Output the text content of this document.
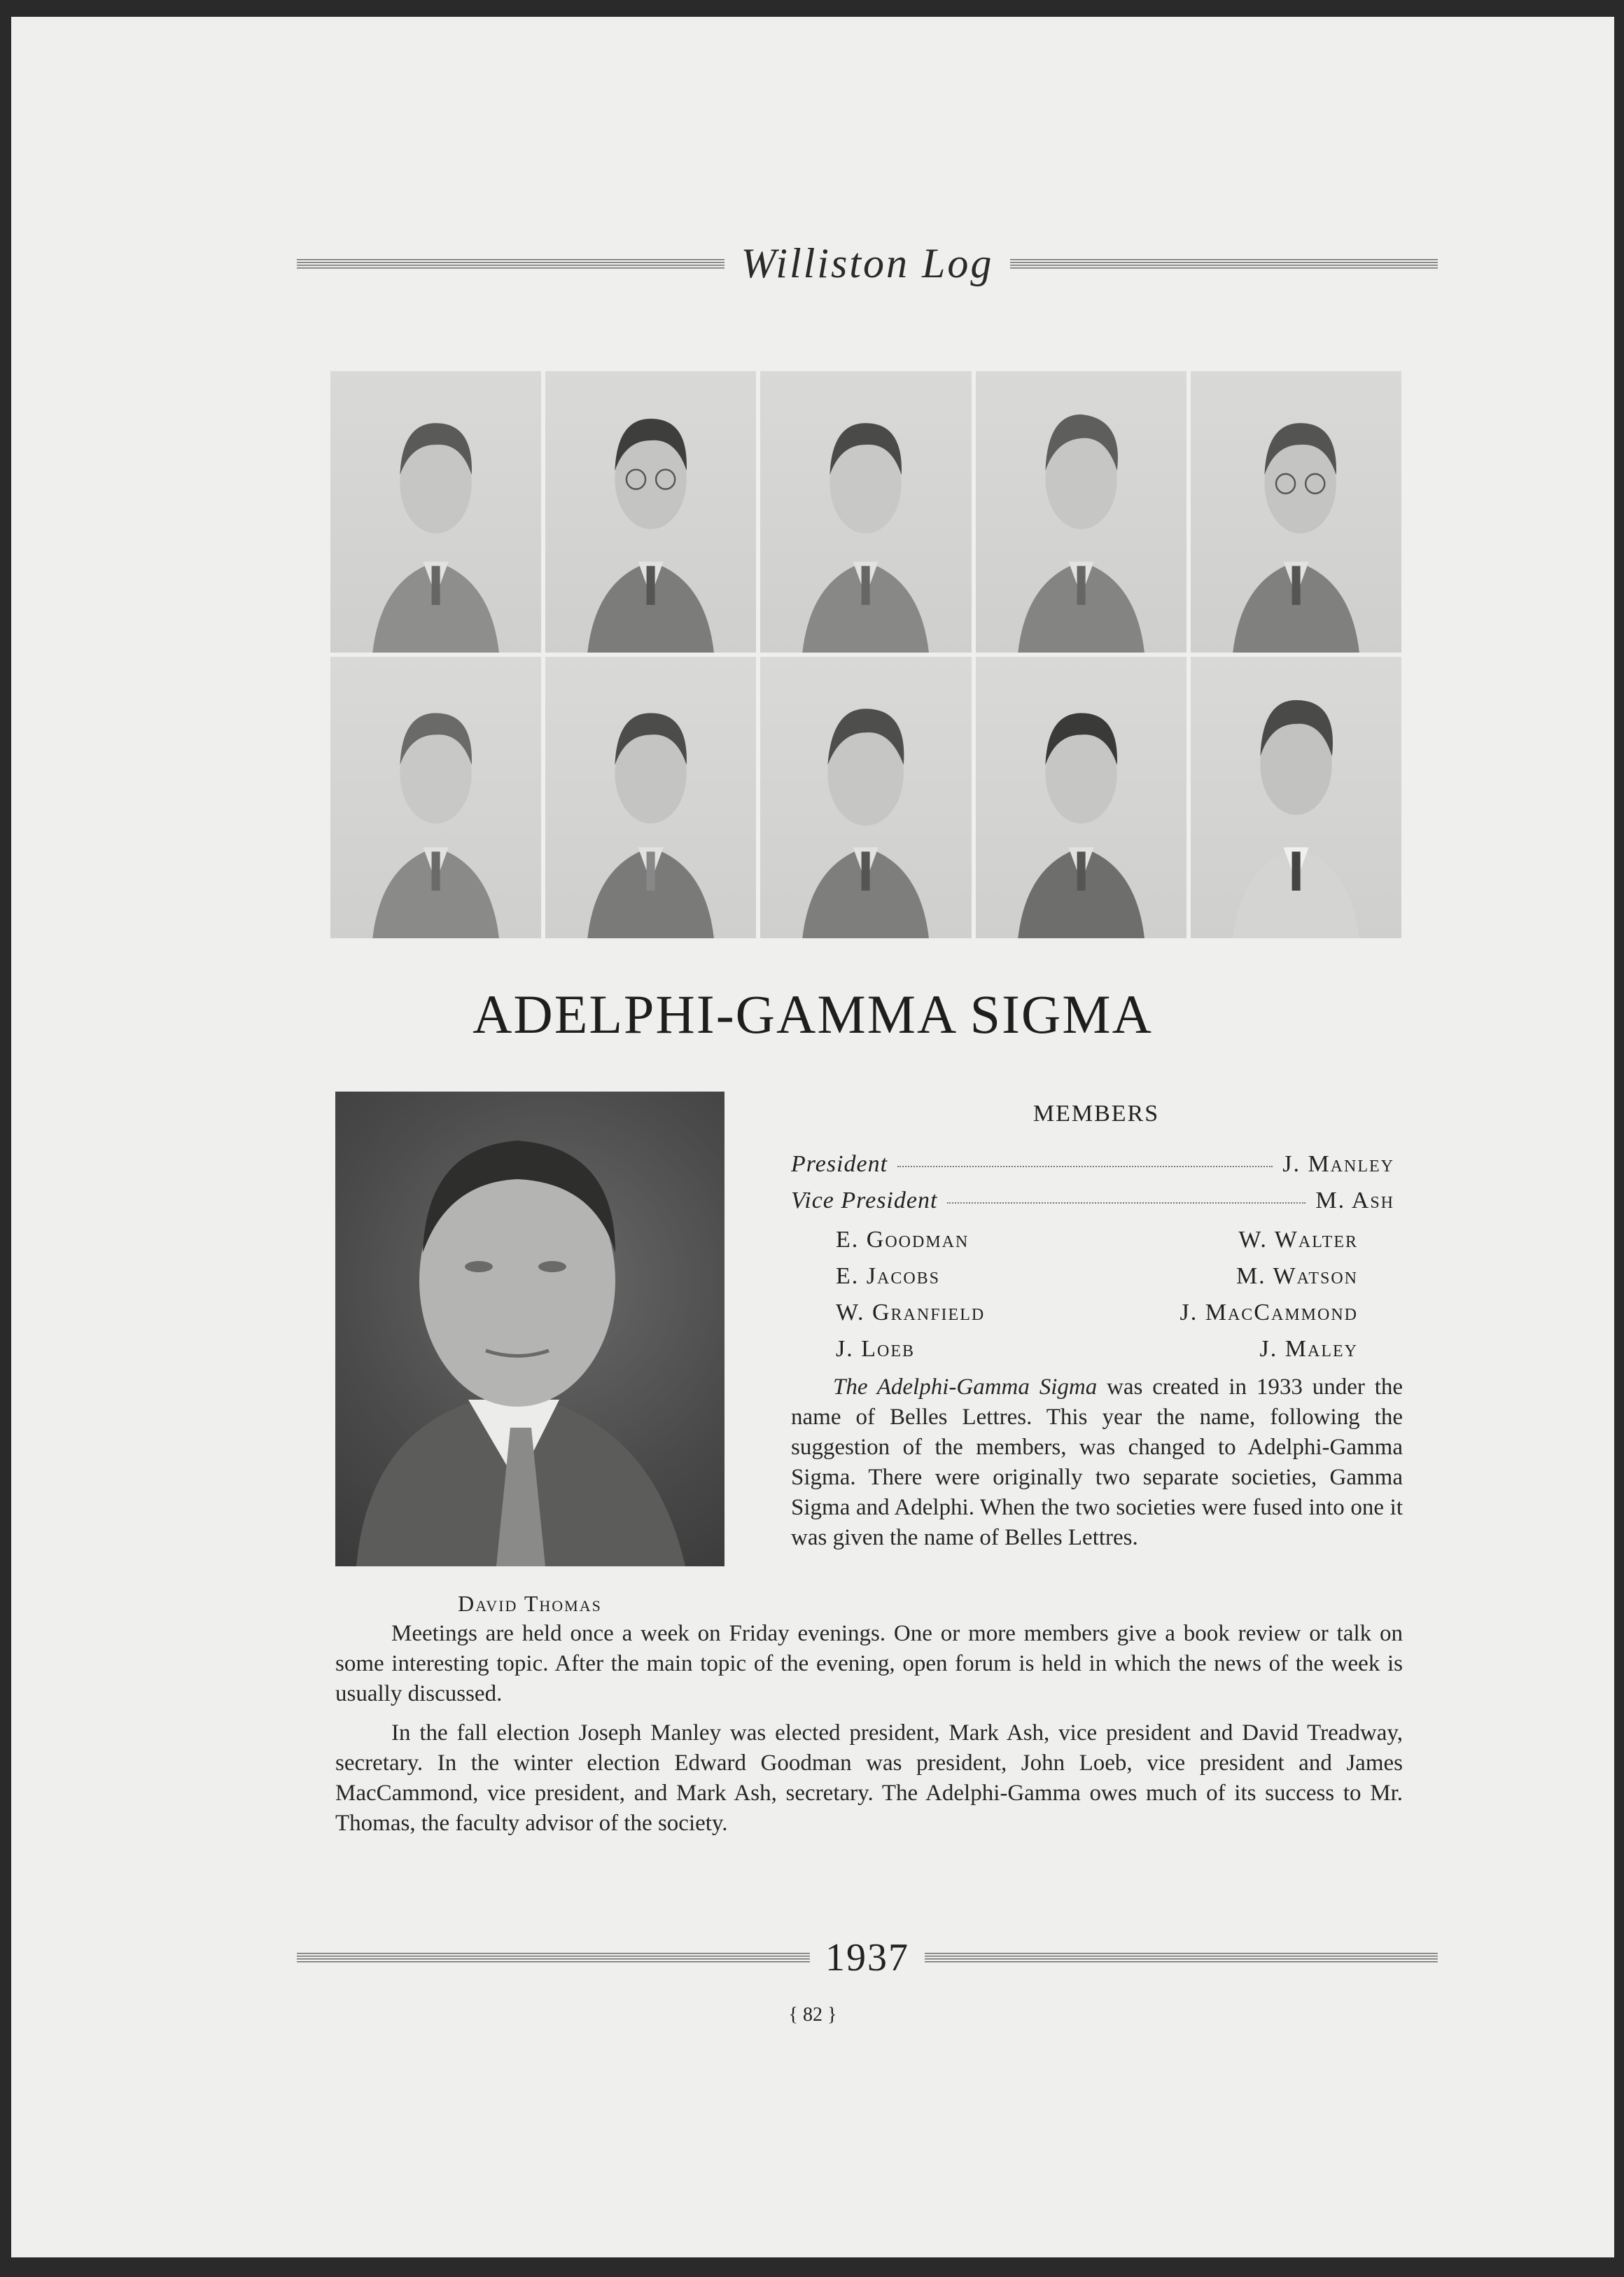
Williston Log
ADELPHI-GAMMA SIGMA
David Thomas
MEMBERS
President	J. Manley
Vice President	M. Ash
E. Goodman
E. Jacobs
W. Granfield
J. Loeb
W. Walter
M. Watson
J. MacCammond
J. Maley

The Adelphi-Gamma Sigma was created in 1933 under the name of Belles Lettres. This year the name, following the suggestion of the members, was changed to Adelphi-Gamma Sigma. There were originally two separate societies, Gamma Sigma and Adelphi. When the two societies were fused into one it was given the name of Belles Lettres.

Meetings are held once a week on Friday evenings. One or more members give a book review or talk on some interesting topic. After the main topic of the evening, open forum is held in which the news of the week is usually discussed.

In the fall election Joseph Manley was elected president, Mark Ash, vice president and David Treadway, secretary. In the winter election Edward Goodman was president, John Loeb, vice president and James MacCammond, vice president, and Mark Ash, secretary. The Adelphi-Gamma owes much of its success to Mr. Thomas, the faculty advisor of the society.

1937
{ 82 }
